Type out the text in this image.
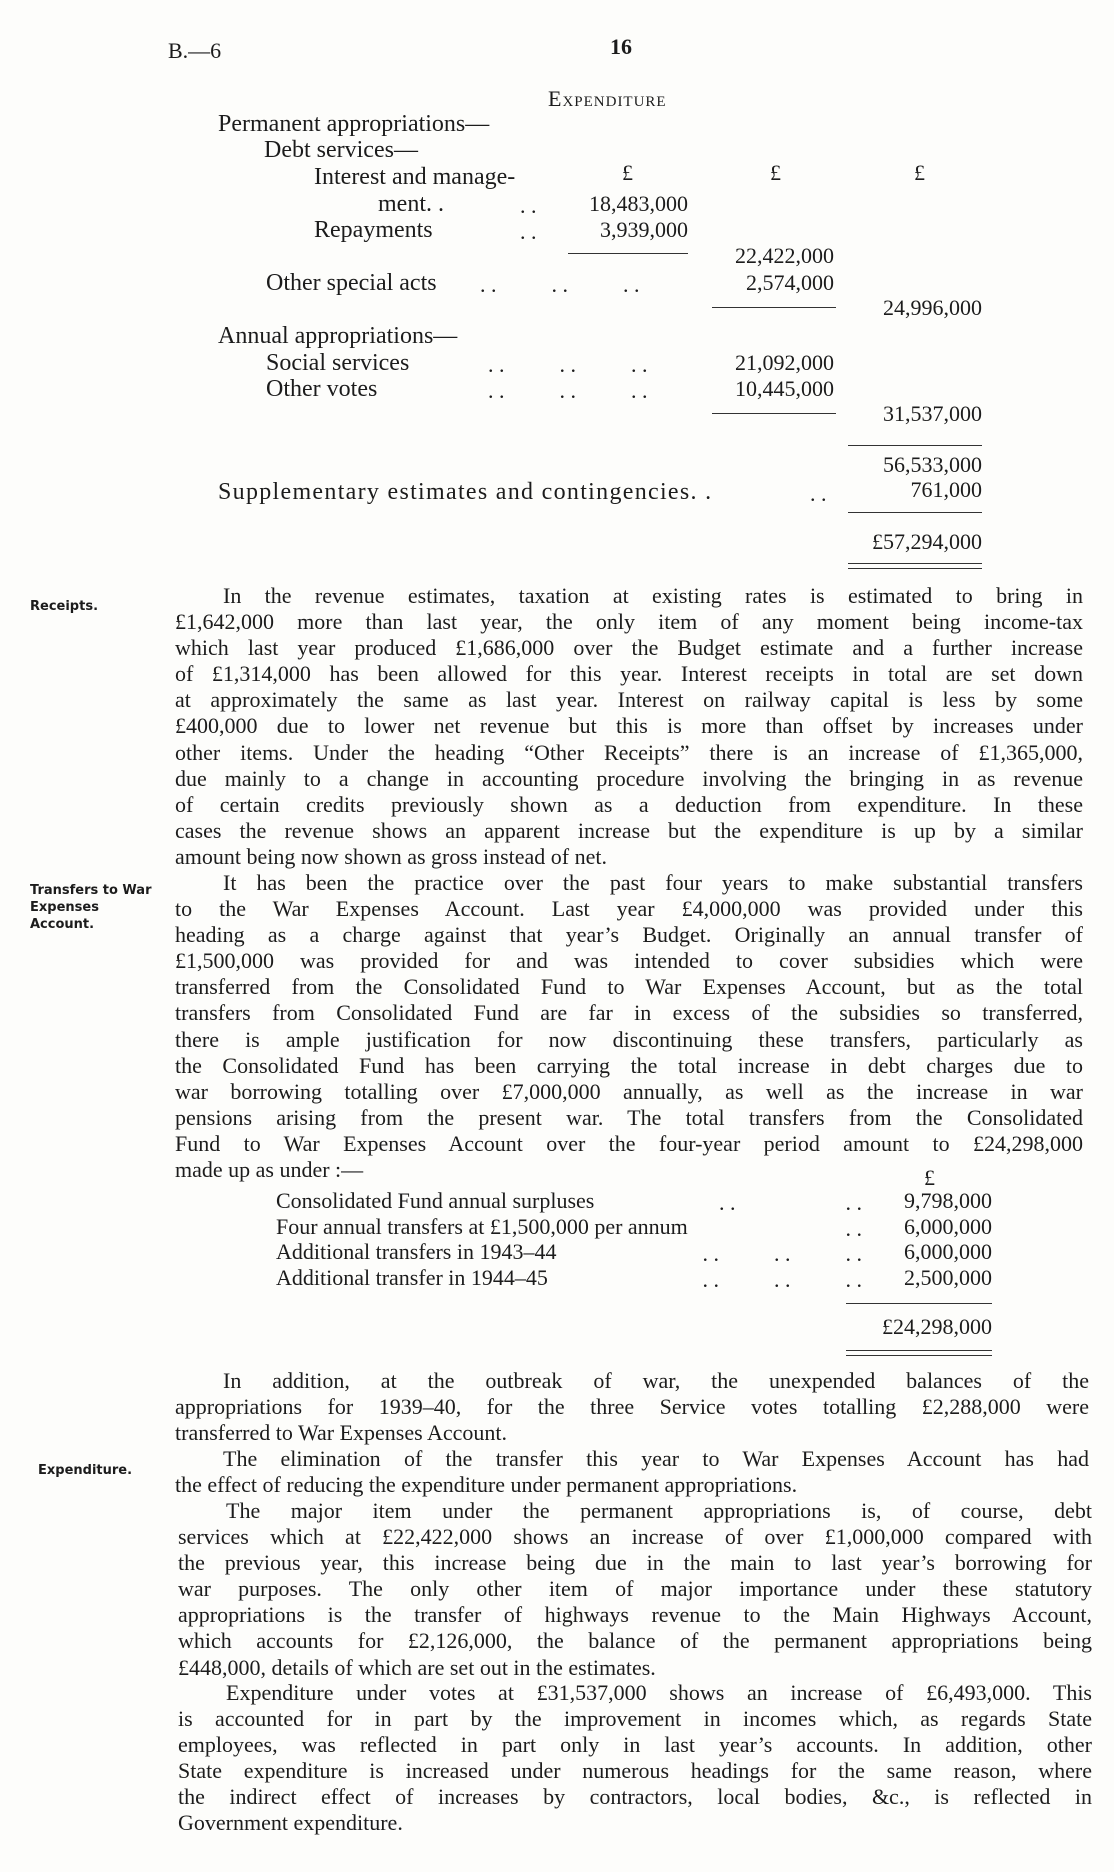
B.—6	16
Expenditure
Permanent appropriations—
Debt services—
£	£	£
Interest and manage-
ment. .	. .	18,483,000
Repayments	. .	3,939,000
22,422,000
Other special acts . .          . .          . .	2,574,000
24,996,000
Annual appropriations—
Social services	. .          . .          . .	21,092,000
Other votes	. .          . .          . .	10,445,000
31,537,000
56,533,000
Supplementary estimates and contingencies. .	. .	761,000
£57,294,000
Receipts.
Transfers to War Expenses Account.
Expenditure.
In the revenue estimates, taxation at existing rates is estimated to bring in
£1,642,000 more than last year, the only item of any moment being income-tax
which last year produced £1,686,000 over the Budget estimate and a further increase
of £1,314,000 has been allowed for this year. Interest receipts in total are set down
at approximately the same as last year. Interest on railway capital is less by some
£400,000 due to lower net revenue but this is more than offset by increases under
other items. Under the heading “Other Receipts” there is an increase of £1,365,000,
due mainly to a change in accounting procedure involving the bringing in as revenue
of certain credits previously shown as a deduction from expenditure. In these
cases the revenue shows an apparent increase but the expenditure is up by a similar
amount being now shown as gross instead of net.
It has been the practice over the past four years to make substantial transfers
to the War Expenses Account. Last year £4,000,000 was provided under this
heading as a charge against that year’s Budget. Originally an annual transfer of
£1,500,000 was provided for and was intended to cover subsidies which were
transferred from the Consolidated Fund to War Expenses Account, but as the total
transfers from Consolidated Fund are far in excess of the subsidies so transferred,
there is ample justification for now discontinuing these transfers, particularly as
the Consolidated Fund has been carrying the total increase in debt charges due to
war borrowing totalling over £7,000,000 annually, as well as the increase in war
pensions arising from the present war. The total transfers from the Consolidated
Fund to War Expenses Account over the four-year period amount to £24,298,000
made up as under :—	£
Consolidated Fund annual surpluses	. .                    . .	9,798,000
Four annual transfers at £1,500,000 per annum	. .	6,000,000
Additional transfers in 1943–44	. .          . .          . .	6,000,000
Additional transfer in 1944–45	. .          . .          . .	2,500,000
£24,298,000
In addition, at the outbreak of war, the unexpended balances of the
appropriations for 1939–40, for the three Service votes totalling £2,288,000 were
transferred to War Expenses Account.
The elimination of the transfer this year to War Expenses Account has had
the effect of reducing the expenditure under permanent appropriations.
The major item under the permanent appropriations is, of course, debt
services which at £22,422,000 shows an increase of over £1,000,000 compared with
the previous year, this increase being due in the main to last year’s borrowing for
war purposes. The only other item of major importance under these statutory
appropriations is the transfer of highways revenue to the Main Highways Account,
which accounts for £2,126,000, the balance of the permanent appropriations being
£448,000, details of which are set out in the estimates.
Expenditure under votes at £31,537,000 shows an increase of £6,493,000. This
is accounted for in part by the improvement in incomes which, as regards State
employees, was reflected in part only in last year’s accounts. In addition, other
State expenditure is increased under numerous headings for the same reason, where
the indirect effect of increases by contractors, local bodies, &c., is reflected in
Government expenditure.
